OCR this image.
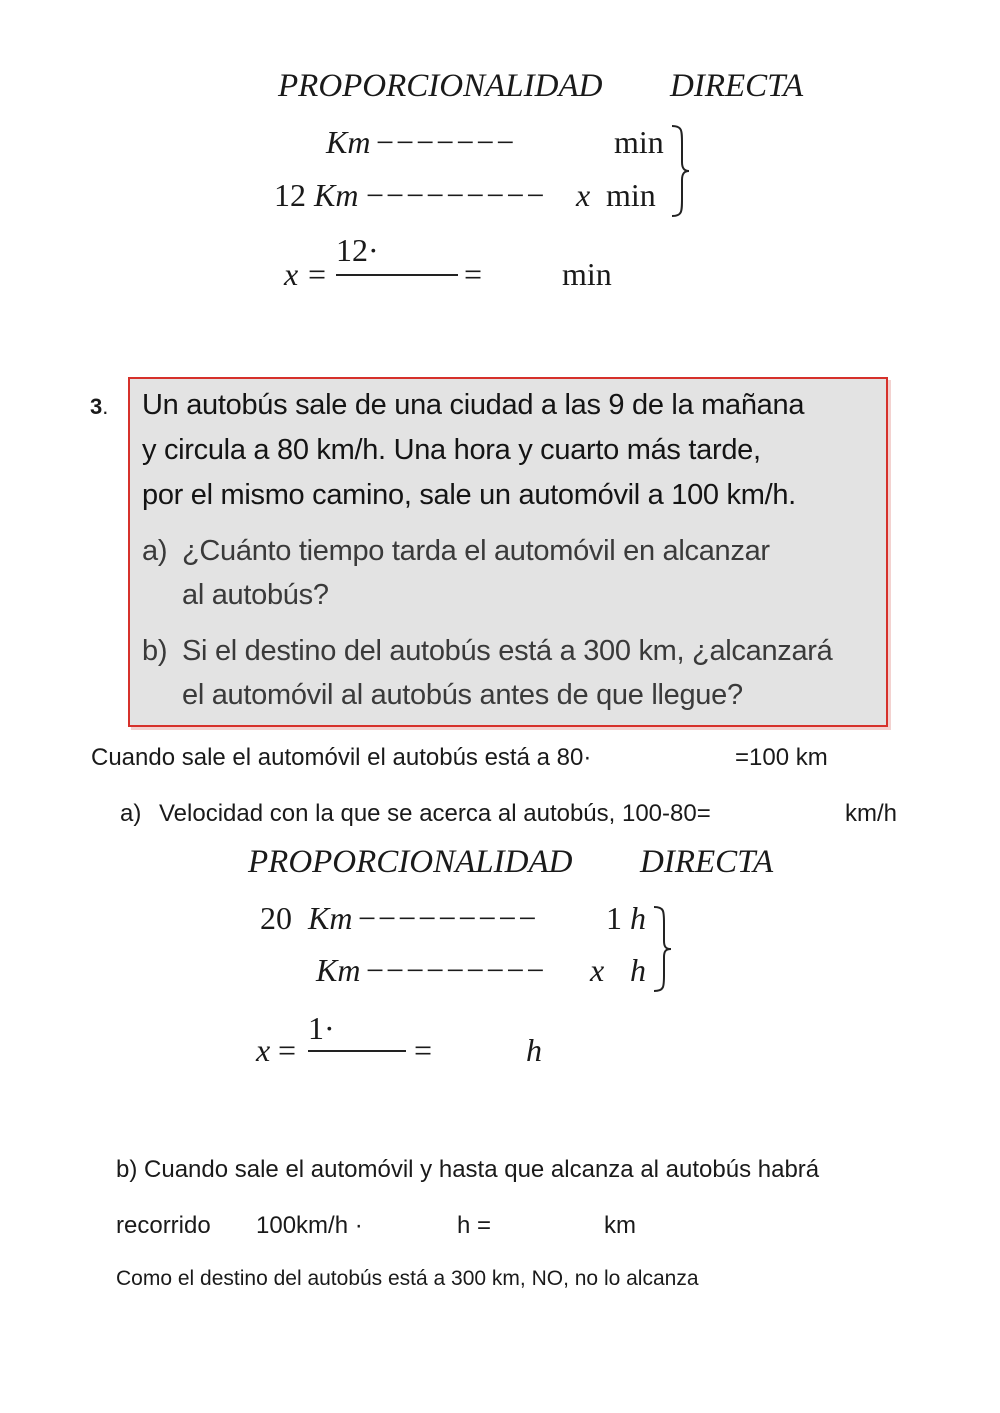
PROPORCIONALIDAD DIRECTA
Km −−−−−−−	min
12 Km −−−−−−−−− x min
x =
12·
= min
3. Un autobús sale de una ciudad a las 9 de la mañana
y circula a 80 km/h. Una hora y cuarto más tarde,
por el mismo camino, sale un automóvil a 100 km/h.
a) ¿Cuánto tiempo tarda el automóvil en alcanzar
al autobús?
b) Si el destino del autobús está a 300 km, ¿alcanzará
el automóvil al autobús antes de que llegue?
Cuando sale el automóvil el autobús está a 80·	=100 km
a) Velocidad con la que se acerca al autobús, 100-80=	km/h
PROPORCIONALIDAD DIRECTA
20 Km −−−−−−−−− 1 h
Km −−−−−−−−− x h
x =
1·
=	h
b) Cuando sale el automóvil y hasta que alcanza al autobús habrá
recorrido 100km/h ·	h =	km
Como el destino del autobús está a 300 km, NO, no lo alcanza
